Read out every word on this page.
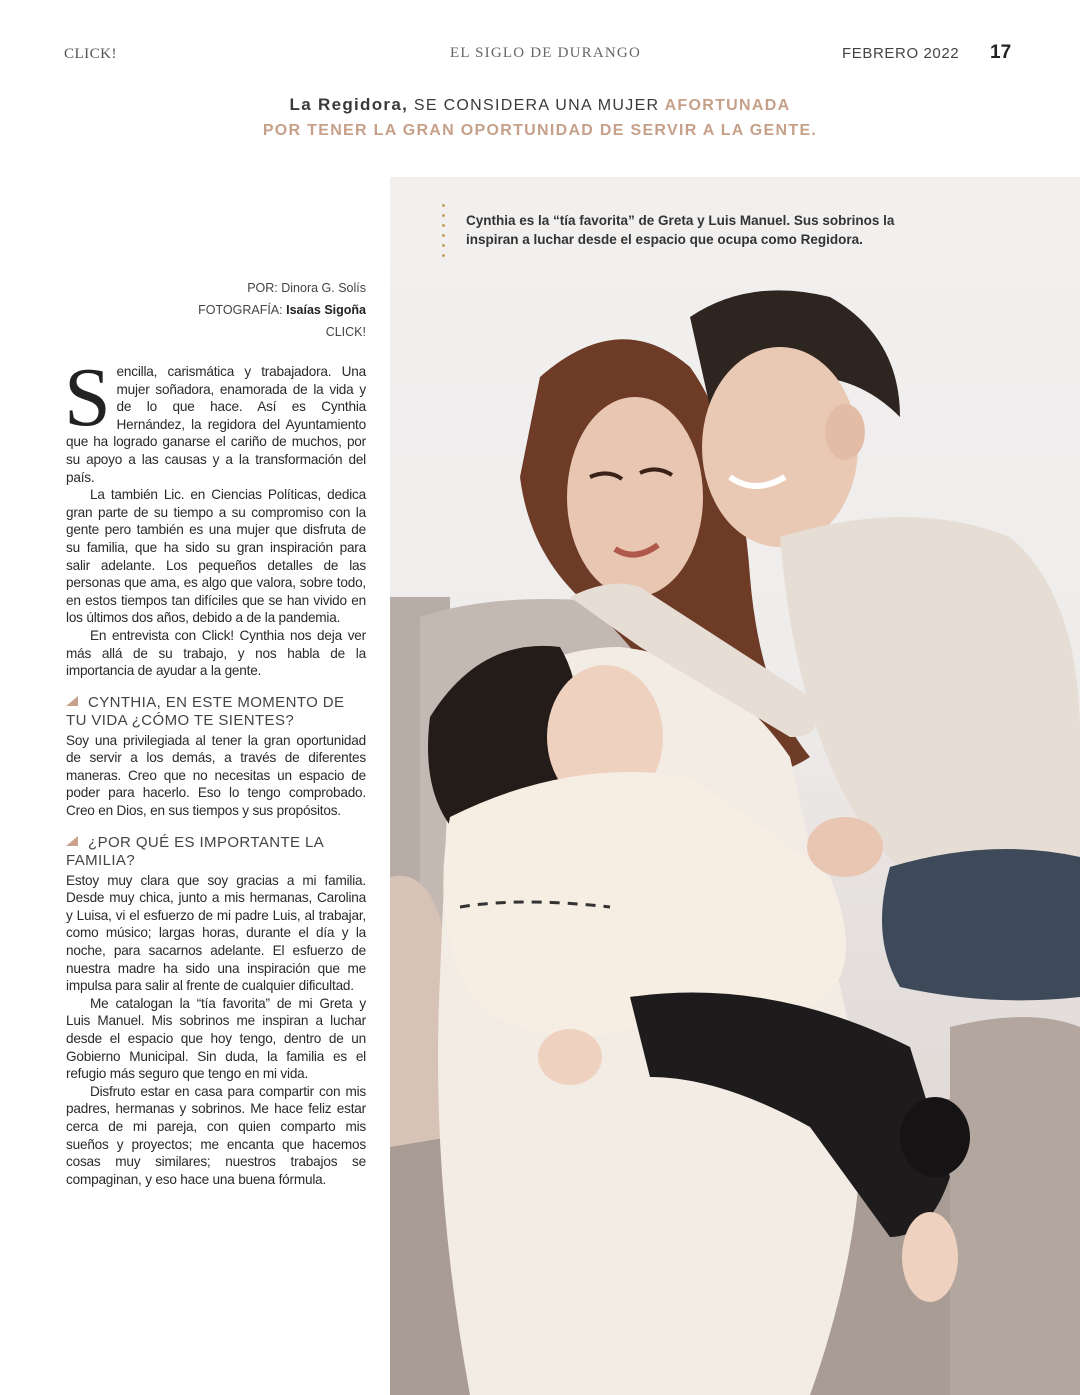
CLICK!	EL SIGLO DE DURANGO	FEBRERO 2022 17
La Regidora, SE CONSIDERA UNA MUJER AFORTUNADA
POR TENER LA GRAN OPORTUNIDAD DE SERVIR A LA GENTE.
Cynthia es la “tía favorita” de Greta y Luis Manuel. Sus sobrinos la inspiran a luchar desde el espacio que ocupa como Regidora.
POR: Dinora G. Solís
FOTOGRAFÍA: Isaías Sigoña
CLICK!

Sencilla, carismática y trabajadora. Una mujer soñadora, enamorada de la vida y de lo que hace. Así es Cynthia Hernández, la regidora del Ayuntamiento que ha logrado ganarse el cariño de muchos, por su apoyo a las causas y a la transformación del país.

La también Lic. en Ciencias Políticas, dedica gran parte de su tiempo a su compromiso con la gente pero también es una mujer que disfruta de su familia, que ha sido su gran inspiración para salir adelante. Los pequeños detalles de las personas que ama, es algo que valora, sobre todo, en estos tiempos tan difíciles que se han vivido en los últimos dos años, debido a de la pandemia.

En entrevista con Click! Cynthia nos deja ver más allá de su trabajo, y nos habla de la importancia de ayudar a la gente.

CYNTHIA, EN ESTE MOMENTO DE TU VIDA ¿CÓMO TE SIENTES?

Soy una privilegiada al tener la gran oportunidad de servir a los demás, a través de diferentes maneras. Creo que no necesitas un espacio de poder para hacerlo. Eso lo tengo comprobado. Creo en Dios, en sus tiempos y sus propósitos.

¿POR QUÉ ES IMPORTANTE LA FAMILIA?

Estoy muy clara que soy gracias a mi familia. Desde muy chica, junto a mis hermanas, Carolina y Luisa, vi el esfuerzo de mi padre Luis, al trabajar, como músico; largas horas, durante el día y la noche, para sacarnos adelante. El esfuerzo de nuestra madre ha sido una inspiración que me impulsa para salir al frente de cualquier dificultad.

Me catalogan la “tía favorita” de mi Greta y Luis Manuel. Mis sobrinos me inspiran a luchar desde el espacio que hoy tengo, dentro de un Gobierno Municipal. Sin duda, la familia es el refugio más seguro que tengo en mi vida.

Disfruto estar en casa para compartir con mis padres, hermanas y sobrinos. Me hace feliz estar cerca de mi pareja, con quien comparto mis sueños y proyectos; me encanta que hacemos cosas muy similares; nuestros trabajos se compaginan, y eso hace una buena fórmula.
